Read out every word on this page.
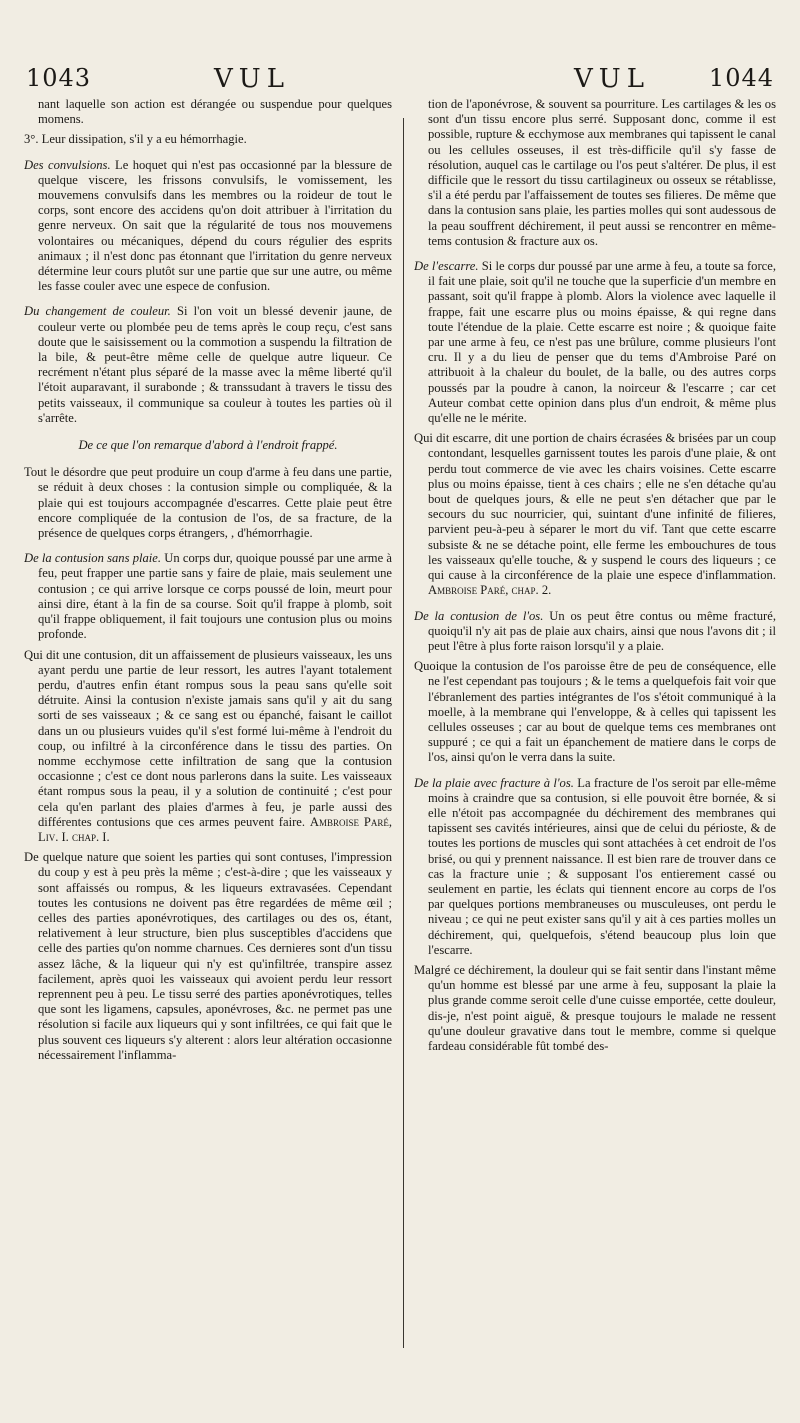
1043	VUL	VUL 1044

nant laquelle son action est dérangée ou suspendue pour quelques momens.

3°. Leur dissipation, s'il y a eu hémorrhagie.

Des convulsions. Le hoquet qui n'est pas occasionné par la blessure de quelque viscere, les frissons convulsifs, le vomissement, les mouvemens convulsifs dans les membres ou la roideur de tout le corps, sont encore des accidens qu'on doit attribuer à l'irritation du genre nerveux. On sait que la régularité de tous nos mouvemens volontaires ou mécaniques, dépend du cours régulier des esprits animaux ; il n'est donc pas étonnant que l'irritation du genre nerveux détermine leur cours plutôt sur une partie que sur une autre, ou même les fasse couler avec une espece de confusion.

Du changement de couleur. Si l'on voit un blessé devenir jaune, de couleur verte ou plombée peu de tems après le coup reçu, c'est sans doute que le saisissement ou la commotion a suspendu la filtration de la bile, & peut-être même celle de quelque autre liqueur. Ce recrément n'étant plus séparé de la masse avec la même liberté qu'il l'étoit auparavant, il surabonde ; & transsudant à travers le tissu des petits vaisseaux, il communique sa couleur à toutes les parties où il s'arrête.

De ce que l'on remarque d'abord à l'endroit frappé.

Tout le désordre que peut produire un coup d'arme à feu dans une partie, se réduit à deux choses : la contusion simple ou compliquée, & la plaie qui est toujours accompagnée d'escarres. Cette plaie peut être encore compliquée de la contusion de l'os, de sa fracture, de la présence de quelques corps étrangers, , d'hémorrhagie.

De la contusion sans plaie. Un corps dur, quoique poussé par une arme à feu, peut frapper une partie sans y faire de plaie, mais seulement une contusion ; ce qui arrive lorsque ce corps poussé de loin, meurt pour ainsi dire, étant à la fin de sa course. Soit qu'il frappe à plomb, soit qu'il frappe obliquement, il fait toujours une contusion plus ou moins profonde.

Qui dit une contusion, dit un affaissement de plusieurs vaisseaux, les uns ayant perdu une partie de leur ressort, les autres l'ayant totalement perdu, d'autres enfin étant rompus sous la peau sans qu'elle soit détruite. Ainsi la contusion n'existe jamais sans qu'il y ait du sang sorti de ses vaisseaux ; & ce sang est ou épanché, faisant le caillot dans un ou plusieurs vuides qu'il s'est formé lui-même à l'endroit du coup, ou infiltré à la circonférence dans le tissu des parties. On nomme ecchymose cette infiltration de sang que la contusion occasionne ; c'est ce dont nous parlerons dans la suite. Les vaisseaux étant rompus sous la peau, il y a solution de continuité ; c'est pour cela qu'en parlant des plaies d'armes à feu, je parle aussi des différentes contusions que ces armes peuvent faire. Ambroise Paré, Liv. I. chap. I.

De quelque nature que soient les parties qui sont contuses, l'impression du coup y est à peu près la même ; c'est-à-dire ; que les vaisseaux y sont affaissés ou rompus, & les liqueurs extravasées. Cependant toutes les contusions ne doivent pas être regardées de même œil ; celles des parties aponévrotiques, des cartilages ou des os, étant, relativement à leur structure, bien plus susceptibles d'accidens que celle des parties qu'on nomme charnues. Ces dernieres sont d'un tissu assez lâche, & la liqueur qui n'y est qu'infiltrée, transpire assez facilement, après quoi les vaisseaux qui avoient perdu leur ressort reprennent peu à peu. Le tissu serré des parties aponévrotiques, telles que sont les ligamens, capsules, aponévroses, &c. ne permet pas une résolution si facile aux liqueurs qui y sont infiltrées, ce qui fait que le plus souvent ces liqueurs s'y alterent : alors leur altération occasionne nécessairement l'inflamma-

tion de l'aponévrose, & souvent sa pourriture. Les cartilages & les os sont d'un tissu encore plus serré. Supposant donc, comme il est possible, rupture & ecchymose aux membranes qui tapissent le canal ou les cellules osseuses, il est très-difficile qu'il s'y fasse de résolution, auquel cas le cartilage ou l'os peut s'altérer. De plus, il est difficile que le ressort du tissu cartilagineux ou osseux se rétablisse, s'il a été perdu par l'affaissement de toutes ses filieres. De même que dans la contusion sans plaie, les parties molles qui sont audessous de la peau souffrent déchirement, il peut aussi se rencontrer en même-tems contusion & fracture aux os.

De l'escarre. Si le corps dur poussé par une arme à feu, a toute sa force, il fait une plaie, soit qu'il ne touche que la superficie d'un membre en passant, soit qu'il frappe à plomb. Alors la violence avec laquelle il frappe, fait une escarre plus ou moins épaisse, & qui regne dans toute l'étendue de la plaie. Cette escarre est noire ; & quoique faite par une arme à feu, ce n'est pas une brûlure, comme plusieurs l'ont cru. Il y a du lieu de penser que du tems d'Ambroise Paré on attribuoit à la chaleur du boulet, de la balle, ou des autres corps poussés par la poudre à canon, la noirceur & l'escarre ; car cet Auteur combat cette opinion dans plus d'un endroit, & même plus qu'elle ne le mérite.

Qui dit escarre, dit une portion de chairs écrasées & brisées par un coup contondant, lesquelles garnissent toutes les parois d'une plaie, & ont perdu tout commerce de vie avec les chairs voisines. Cette escarre plus ou moins épaisse, tient à ces chairs ; elle ne s'en détache qu'au bout de quelques jours, & elle ne peut s'en détacher que par le secours du suc nourricier, qui, suintant d'une infinité de filieres, parvient peu-à-peu à séparer le mort du vif. Tant que cette escarre subsiste & ne se détache point, elle ferme les embouchures de tous les vaisseaux qu'elle touche, & y suspend le cours des liqueurs ; ce qui cause à la circonférence de la plaie une espece d'inflammation. Ambroise Paré, chap. 2.

De la contusion de l'os. Un os peut être contus ou même fracturé, quoiqu'il n'y ait pas de plaie aux chairs, ainsi que nous l'avons dit ; il peut l'être à plus forte raison lorsqu'il y a plaie.

Quoique la contusion de l'os paroisse être de peu de conséquence, elle ne l'est cependant pas toujours ; & le tems a quelquefois fait voir que l'ébranlement des parties intégrantes de l'os s'étoit communiqué à la moelle, à la membrane qui l'enveloppe, & à celles qui tapissent les cellules osseuses ; car au bout de quelque tems ces membranes ont suppuré ; ce qui a fait un épanchement de matiere dans le corps de l'os, ainsi qu'on le verra dans la suite.

De la plaie avec fracture à l'os. La fracture de l'os seroit par elle-même moins à craindre que sa contusion, si elle pouvoit être bornée, & si elle n'étoit pas accompagnée du déchirement des membranes qui tapissent ses cavités intérieures, ainsi que de celui du périoste, & de toutes les portions de muscles qui sont attachées à cet endroit de l'os brisé, ou qui y prennent naissance. Il est bien rare de trouver dans ce cas la fracture unie ; & supposant l'os entierement cassé ou seulement en partie, les éclats qui tiennent encore au corps de l'os par quelques portions membraneuses ou musculeuses, ont perdu le niveau ; ce qui ne peut exister sans qu'il y ait à ces parties molles un déchirement, qui, quelquefois, s'étend beaucoup plus loin que l'escarre.

Malgré ce déchirement, la douleur qui se fait sentir dans l'instant même qu'un homme est blessé par une arme à feu, supposant la plaie la plus grande comme seroit celle d'une cuisse emportée, cette douleur, dis-je, n'est point aiguë, & presque toujours le malade ne ressent qu'une douleur gravative dans tout le membre, comme si quelque fardeau considérable fût tombé des-
